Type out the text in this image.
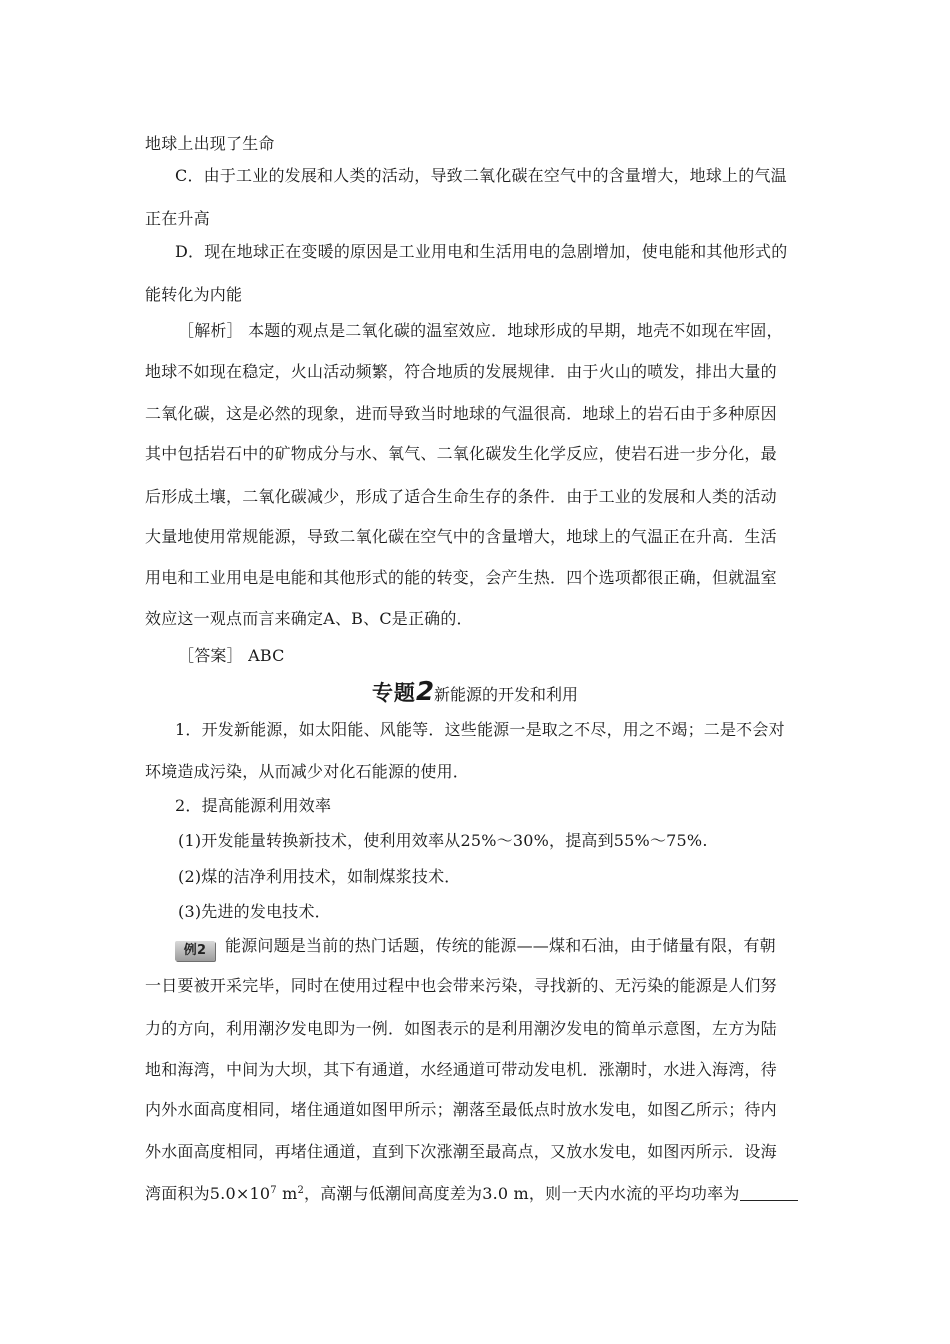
地球上出现了生命
C．由于工业的发展和人类的活动，导致二氧化碳在空气中的含量增大，地球上的气温
正在升高
D．现在地球正在变暖的原因是工业用电和生活用电的急剧增加，使电能和其他形式的
能转化为内能
［解析］ 本题的观点是二氧化碳的温室效应．地球形成的早期，地壳不如现在牢固，
地球不如现在稳定，火山活动频繁，符合地质的发展规律．由于火山的喷发，排出大量的
二氧化碳，这是必然的现象，进而导致当时地球的气温很高．地球上的岩石由于多种原因
其中包括岩石中的矿物成分与水、氧气、二氧化碳发生化学反应，使岩石进一步分化，最
后形成土壤，二氧化碳减少，形成了适合生命生存的条件．由于工业的发展和人类的活动
大量地使用常规能源，导致二氧化碳在空气中的含量增大，地球上的气温正在升高．生活
用电和工业用电是电能和其他形式的能的转变，会产生热．四个选项都很正确，但就温室
效应这一观点而言来确定A、B、C是正确的．
［答案］ ABC
专题2新能源的开发和利用
1．开发新能源，如太阳能、风能等．这些能源一是取之不尽，用之不竭；二是不会对
环境造成污染，从而减少对化石能源的使用．
2．提高能源利用效率
(1)开发能量转换新技术，使利用效率从25%～30%，提高到55%～75%.
(2)煤的洁净利用技术，如制煤浆技术．
(3)先进的发电技术．
例2 能源问题是当前的热门话题，传统的能源——煤和石油，由于储量有限，有朝
一日要被开采完毕，同时在使用过程中也会带来污染，寻找新的、无污染的能源是人们努
力的方向，利用潮汐发电即为一例．如图表示的是利用潮汐发电的简单示意图，左方为陆
地和海湾，中间为大坝，其下有通道，水经通道可带动发电机．涨潮时，水进入海湾，待
内外水面高度相同，堵住通道如图甲所示；潮落至最低点时放水发电，如图乙所示；待内
外水面高度相同，再堵住通道，直到下次涨潮至最高点，又放水发电，如图丙所示．设海
湾面积为$5.0\times 10^7$ $m^2$，高潮与低潮间高度差为3.0 m，则一天内水流的平均功率为
